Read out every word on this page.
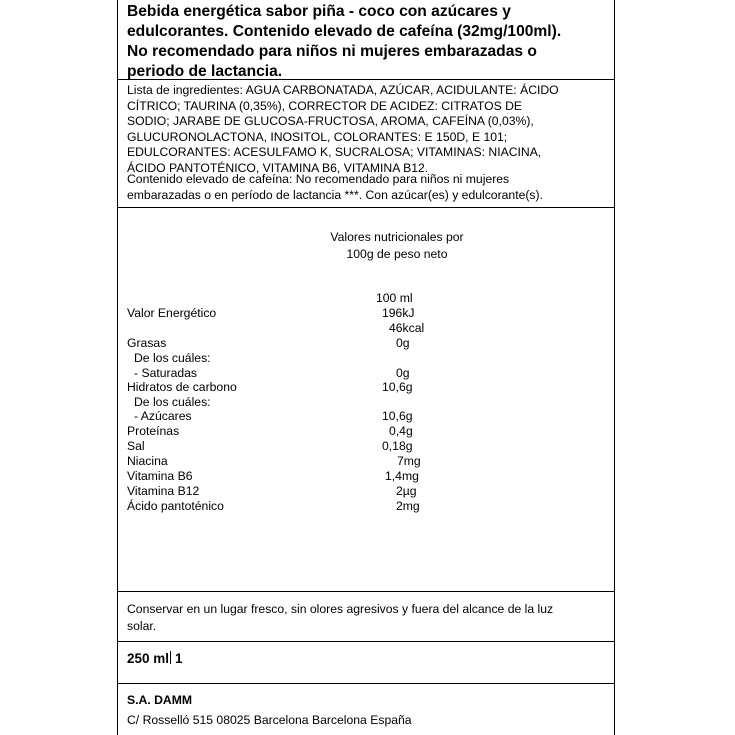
Bebida energética sabor piña - coco con azúcares y
edulcorantes. Contenido elevado de cafeína (32mg/100ml).
No recomendado para niños ni mujeres embarazadas o
periodo de lactancia.
Lista de ingredientes: AGUA CARBONATADA, AZÚCAR, ACIDULANTE: ÁCIDO
CÍTRICO; TAURINA (0,35%), CORRECTOR DE ACIDEZ: CITRATOS DE
SODIO; JARABE DE GLUCOSA-FRUCTOSA, AROMA, CAFEÍNA (0,03%),
GLUCURONOLACTONA, INOSITOL, COLORANTES: E 150D, E 101;
EDULCORANTES: ACESULFAMO K, SUCRALOSA; VITAMINAS: NIACINA,
ÁCIDO PANTOTÉNICO, VITAMINA B6, VITAMINA B12.
Contenido elevado de cafeína: No recomendado para niños ni mujeres
embarazadas o en período de lactancia ***. Con azúcar(es) y edulcorante(s).
Valores nutricionales por
100g de peso neto
100 ml
Valor Energético	196kJ
46kcal
Grasas	0g
De los cuáles:
- Saturadas	0g
Hidratos de carbono	10,6g
De los cuáles:
- Azúcares	10,6g
Proteínas	0,4g
Sal	0,18g
Niacina	7mg
Vitamina B6	1,4mg
Vitamina B12	2µg
Ácido pantoténico	2mg
Conservar en un lugar fresco, sin olores agresivos y fuera del alcance de la luz
solar.
250 ml 1
S.A. DAMM
C/ Rosselló 515 08025 Barcelona Barcelona España
